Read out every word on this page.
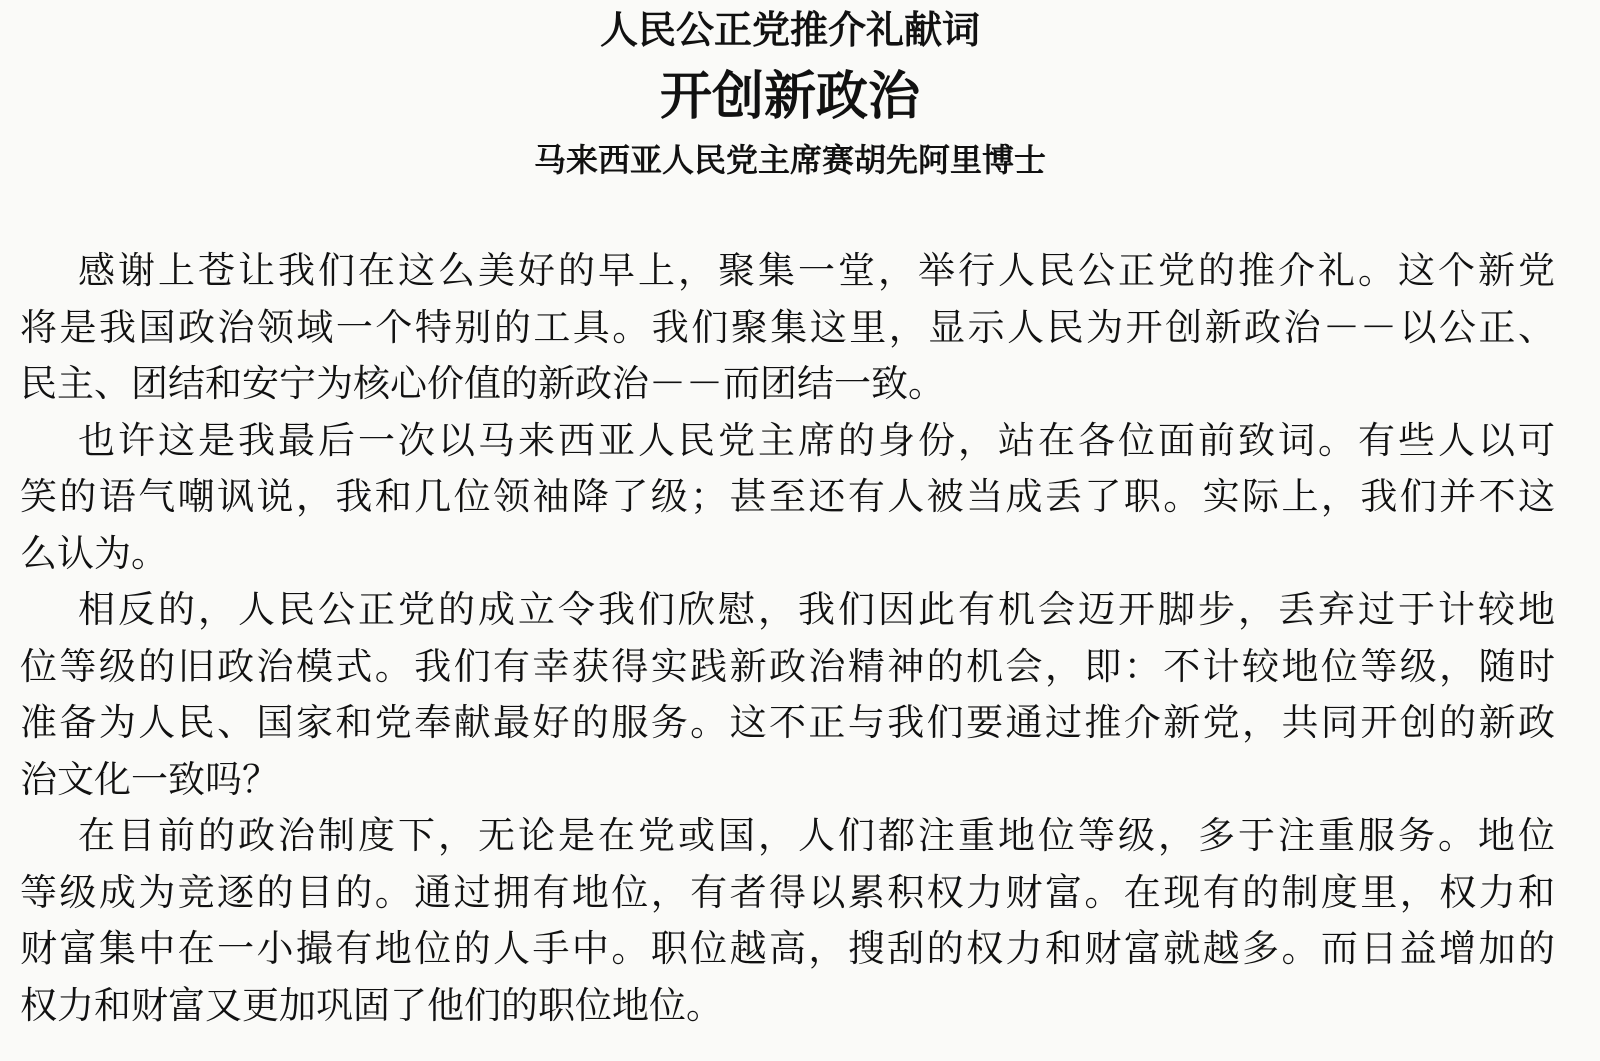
人民公正党推介礼献词
开创新政治
马来西亚人民党主席赛胡先阿里博士
感谢上苍让我们在这么美好的早上，聚集一堂，举行人民公正党的推介礼。这个新党
将是我国政治领域一个特别的工具。我们聚集这里，显示人民为开创新政治－－以公正、
民主、团结和安宁为核心价值的新政治－－而团结一致。
也许这是我最后一次以马来西亚人民党主席的身份，站在各位面前致词。有些人以可
笑的语气嘲讽说，我和几位领袖降了级；甚至还有人被当成丢了职。实际上，我们并不这
么认为。
相反的，人民公正党的成立令我们欣慰，我们因此有机会迈开脚步，丢弃过于计较地
位等级的旧政治模式。我们有幸获得实践新政治精神的机会，即：不计较地位等级，随时
准备为人民、国家和党奉献最好的服务。这不正与我们要通过推介新党，共同开创的新政
治文化一致吗？
在目前的政治制度下，无论是在党或国，人们都注重地位等级，多于注重服务。地位
等级成为竞逐的目的。通过拥有地位，有者得以累积权力财富。在现有的制度里，权力和
财富集中在一小撮有地位的人手中。职位越高，搜刮的权力和财富就越多。而日益增加的
权力和财富又更加巩固了他们的职位地位。
